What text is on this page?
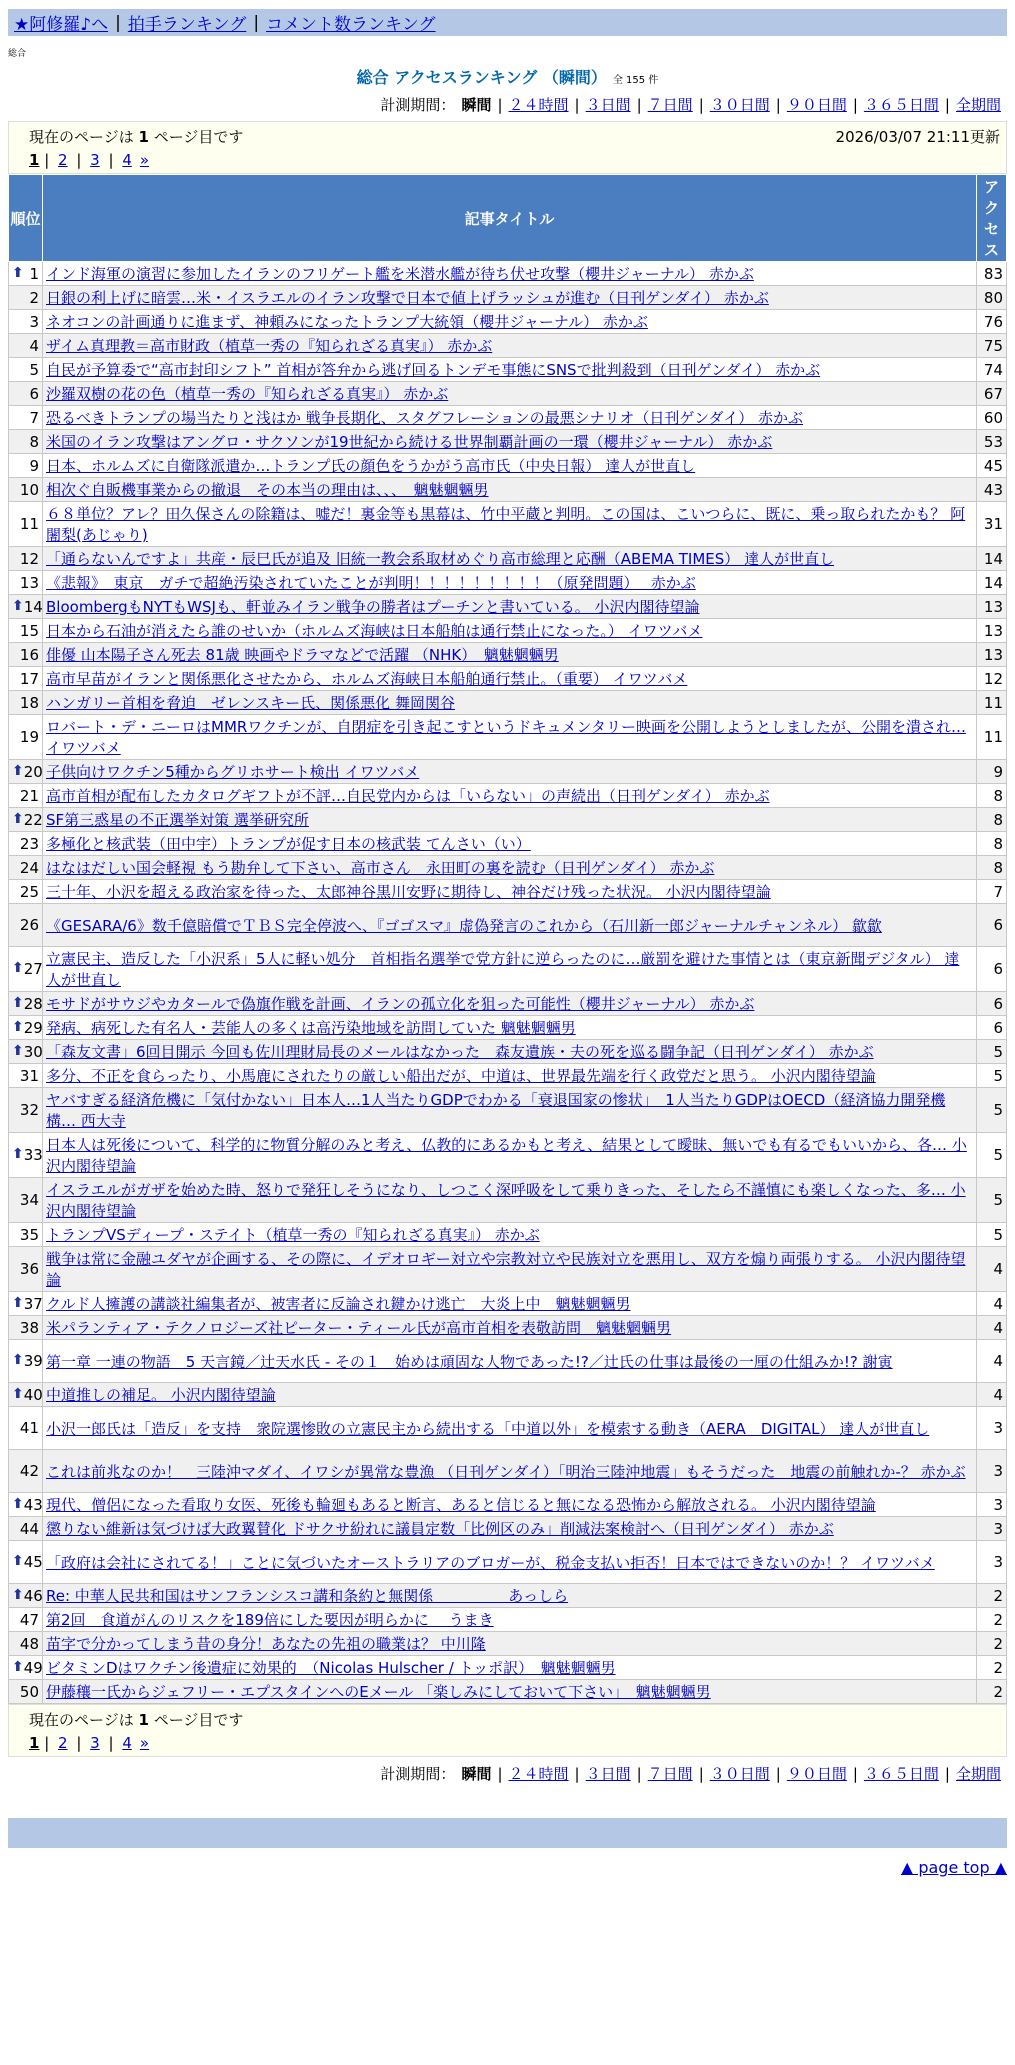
★阿修羅♪へ | 拍手ランキング | コメント数ランキング
総合
総合 アクセスランキング （瞬間） 全 155 件
計測期間： 瞬間 | ２４時間 | ３日間 | ７日間 | ３０日間 | ９０日間 | ３６５日間 | 全期間
現在のページは 1 ページ目です	2026/03/07 21:11更新
1 | 2 | 3 | 4 »
順位	記事タイトル	アクセス

⬆ 1	インド海軍の演習に参加したイランのフリゲート艦を米潜水艦が待ち伏せ攻撃（櫻井ジャーナル） 赤かぶ	83
2	日銀の利上げに暗雲…米・イスラエルのイラン攻撃で日本で値上げラッシュが進む（日刊ゲンダイ） 赤かぶ	80
3	ネオコンの計画通りに進まず、神頼みになったトランプ大統領（櫻井ジャーナル） 赤かぶ	76
4	ザイム真理教＝高市財政（植草一秀の『知られざる真実』） 赤かぶ	75
5	自民が予算委で“高市封印シフト” 首相が答弁から逃げ回るトンデモ事態にSNSで批判殺到（日刊ゲンダイ） 赤かぶ	74
6	沙羅双樹の花の色（植草一秀の『知られざる真実』） 赤かぶ	67
7	恐るべきトランプの場当たりと浅はか 戦争長期化、スタグフレーションの最悪シナリオ（日刊ゲンダイ） 赤かぶ	60
8	米国のイラン攻撃はアングロ・サクソンが19世紀から続ける世界制覇計画の一環（櫻井ジャーナル） 赤かぶ	53
9	日本、ホルムズに自衛隊派遣か…トランプ氏の顔色をうかがう高市氏（中央日報） 達人が世直し	45
10	相次ぐ自販機事業からの撤退　その本当の理由は、、、　魑魅魍魎男	43
11	６８単位？アレ？田久保さんの除籍は、嘘だ！裏金等も黒幕は、竹中平蔵と判明。この国は、こいつらに、既に、乗っ取られたかも？ 阿闍梨(あじゃり)	31
12	「通らないんですよ」共産・辰巳氏が追及 旧統一教会系取材めぐり高市総理と応酬（ABEMA TIMES） 達人が世直し	14
13	《悲報》　東京　ガチで超絶汚染されていたことが判明！！！！！！！！！（原発問題）　 赤かぶ	14

⬆ 14	BloombergもNYTもWSJも、軒並みイラン戦争の勝者はプーチンと書いている。 小沢内閣待望論	13
15	日本から石油が消えたら誰のせいか（ホルムズ海峡は日本船舶は通行禁止になった。） イワツバメ	13
16	俳優 山本陽子さん死去 81歳 映画やドラマなどで活躍 （NHK）　魑魅魍魎男	13
17	高市早苗がイランと関係悪化させたから、ホルムズ海峡日本船舶通行禁止。（重要） イワツバメ	12
18	ハンガリー首相を脅迫　ゼレンスキー氏、関係悪化 舞岡関谷	11
19	ロバート・デ・ニーロはMMRワクチンが、自閉症を引き起こすというドキュメンタリー映画を公開しようとしましたが、公開を潰され… イワツバメ	11

⬆ 20	子供向けワクチン5種からグリホサート検出 イワツバメ	9
21	高市首相が配布したカタログギフトが不評…自民党内からは「いらない」の声続出（日刊ゲンダイ） 赤かぶ	8

⬆ 22	SF第三惑星の不正選挙対策 選挙研究所	8
23	多極化と核武装（田中宇）トランプが促す日本の核武装 てんさい（い）	8
24	はなはだしい国会軽視 もう勘弁して下さい、高市さん　永田町の裏を読む（日刊ゲンダイ） 赤かぶ	8
25	三十年、小沢を超える政治家を待った、太郎神谷黒川安野に期待し、神谷だけ残った状況。 小沢内閣待望論	7
26	《GESARA/6》数千億賠償でＴＢＳ完全停波へ、『ゴゴスマ』虚偽発言のこれから（石川新一郎ジャーナルチャンネル） 歙歙	6

⬆ 27	立憲民主、造反した「小沢系」5人に軽い処分　首相指名選挙で党方針に逆らったのに…厳罰を避けた事情とは（東京新聞デジタル） 達人が世直し	6

⬆ 28	モサドがサウジやカタールで偽旗作戦を計画、イランの孤立化を狙った可能性（櫻井ジャーナル） 赤かぶ	6

⬆ 29	発病、病死した有名人・芸能人の多くは高汚染地域を訪問していた 魑魅魍魎男	6

⬆ 30	「森友文書」6回目開示 今回も佐川理財局長のメールはなかった　森友遺族・夫の死を巡る闘争記（日刊ゲンダイ） 赤かぶ	5
31	多分、不正を食らったり、小馬鹿にされたりの厳しい船出だが、中道は、世界最先端を行く政党だと思う。 小沢内閣待望論	5
32	ヤバすぎる経済危機に「気付かない」日本人…1人当たりGDPでわかる「衰退国家の惨状」　1人当たりGDPはOECD（経済協力開発機構… 西大寺	5

⬆ 33	日本人は死後について、科学的に物質分解のみと考え、仏教的にあるかもと考え、結果として曖昧、無いでも有るでもいいから、各… 小沢内閣待望論	5
34	イスラエルがガザを始めた時、怒りで発狂しそうになり、しつこく深呼吸をして乗りきった、そしたら不謹慎にも楽しくなった、多… 小沢内閣待望論	5
35	トランプVSディープ・ステイト（植草一秀の『知られざる真実』） 赤かぶ	5
36	戦争は常に金融ユダヤが企画する、その際に、イデオロギー対立や宗教対立や民族対立を悪用し、双方を煽り両張りする。 小沢内閣待望論	4

⬆ 37	クルド人擁護の講談社編集者が、被害者に反論され鍵かけ逃亡　大炎上中　魑魅魍魎男	4
38	米パランティア・テクノロジーズ社ピーター・ティール氏が高市首相を表敬訪問　魑魅魍魎男	4

⬆ 39	第一章 一連の物語　5 天言鏡／辻天水氏 - その１　始めは頑固な人物であった!?／辻氏の仕事は最後の一厘の仕組みか!? 謝寅	4

⬆ 40	中道推しの補足。 小沢内閣待望論	4
41	小沢一郎氏は「造反」を支持　衆院選惨敗の立憲民主から続出する「中道以外」を模索する動き（AERA　DIGITAL） 達人が世直し	3
42	これは前兆なのか！　三陸沖マダイ、イワシが異常な豊漁 （日刊ゲンダイ）「明治三陸沖地震」もそうだった　地震の前触れか‐？ 赤かぶ	3

⬆ 43	現代、僧侶になった看取り女医、死後も輪廻もあると断言、あると信じると無になる恐怖から解放される。 小沢内閣待望論	3
44	懲りない維新は気づけば大政翼賛化 ドサクサ紛れに議員定数「比例区のみ」削減法案検討へ（日刊ゲンダイ） 赤かぶ	3

⬆ 45	「政府は会社にされてる！」ことに気づいたオーストラリアのブロガーが、税金支払い拒否！日本ではできないのか！？ イワツバメ	3

⬆ 46	Re: 中華人民共和国はサンフランシスコ講和条約と無関係　　　　　あっしら	2
47	第2回　食道がんのリスクを189倍にした要因が明らかに　 うまき	2
48	苗字で分かってしまう昔の身分！あなたの先祖の職業は？ 中川隆	2

⬆ 49	ビタミンDはワクチン後遺症に効果的　（Nicolas Hulscher / トッポ訳）　魑魅魍魎男	2
50	伊藤穰一氏からジェフリー・エプスタインへのEメール 「楽しみにしておいて下さい」　魑魅魍魎男	2
現在のページは 1 ページ目です
1 | 2 | 3 | 4 »
計測期間： 瞬間 | ２４時間 | ３日間 | ７日間 | ３０日間 | ９０日間 | ３６５日間 | 全期間
▲ page top ▲
